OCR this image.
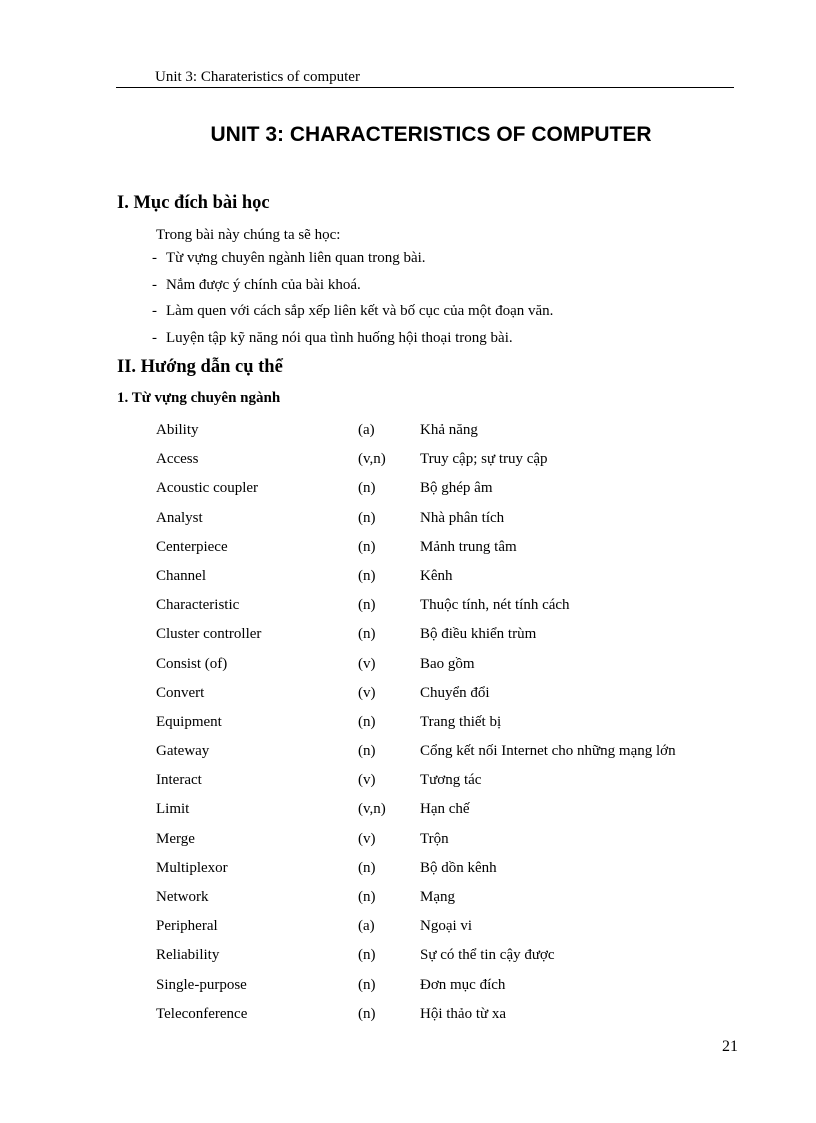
Unit 3: Charateristics of computer
UNIT 3: CHARACTERISTICS OF COMPUTER
I. Mục đích bài học
Trong bài này chúng ta sẽ học:
- Từ vựng chuyên ngành liên quan trong bài.
- Nắm được ý chính của bài khoá.
- Làm quen với cách sắp xếp liên kết và bố cục của một đoạn văn.
- Luyện tập kỹ năng nói qua tình huống hội thoại trong bài.
II. Hướng dẫn cụ thể
1. Từ vựng chuyên ngành
Ability	(a)	Khả năng
Access	(v,n) Truy cập; sự truy cập
Acoustic coupler	(n)	Bộ ghép âm
Analyst	(n)	Nhà phân tích
Centerpiece	(n)	Mảnh trung tâm
Channel	(n)	Kênh
Characteristic	(n)	Thuộc tính, nét tính cách
Cluster controller	(n)	Bộ điều khiển trùm
Consist (of)	(v)	Bao gồm
Convert	(v)	Chuyển đổi
Equipment	(n)	Trang thiết bị
Gateway	(n)	Cổng kết nối Internet cho những mạng lớn
Interact	(v)	Tương tác
Limit	(v,n) Hạn chế
Merge	(v)	Trộn
Multiplexor	(n)	Bộ dồn kênh
Network	(n)	Mạng
Peripheral	(a)	Ngoại vi
Reliability	(n)	Sự có thể tin cậy được
Single-purpose	(n)	Đơn mục đích
Teleconference	(n)	Hội thảo từ xa
21
